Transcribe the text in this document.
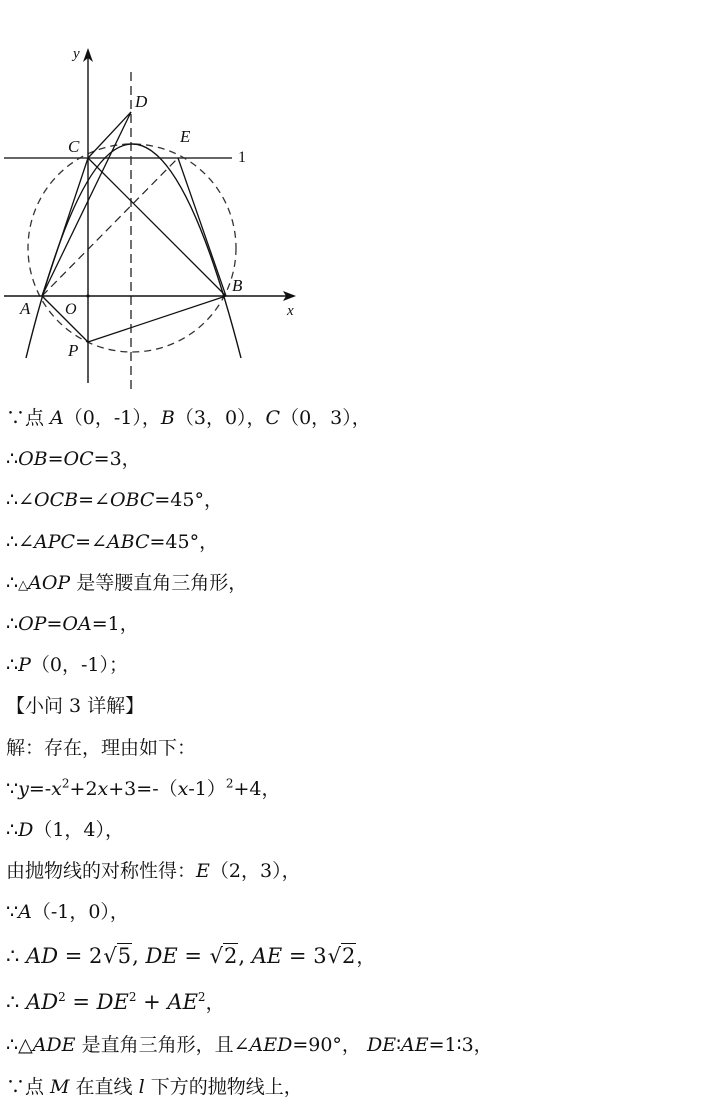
y
x
D
C
E
1
A O
B
P
∵点 A（0，-1），B（3，0），C（0，3），
∴OB=OC=3，
∴∠OCB=∠OBC=45°，
∴∠APC=∠ABC=45°，
∴△AOP 是等腰直角三角形，
∴OP=OA=1，
∴P（0，-1）；
【小问 3 详解】
解：存在，理由如下：
$\because y=-x^2+2x+3=-(x-1)^2+4$，
∴D（1，4），
由抛物线的对称性得：E（2，3），
∵A（-1，0），
∴ AD = 2√5, DE = √2, AE = 3√2，
∴ $AD^2 = DE^2 + AE^2$，
∴△ADE 是直角三角形，且∠AED=90°， DE∶AE=1∶3，
∵点 M 在直线 l 下方的抛物线上，
